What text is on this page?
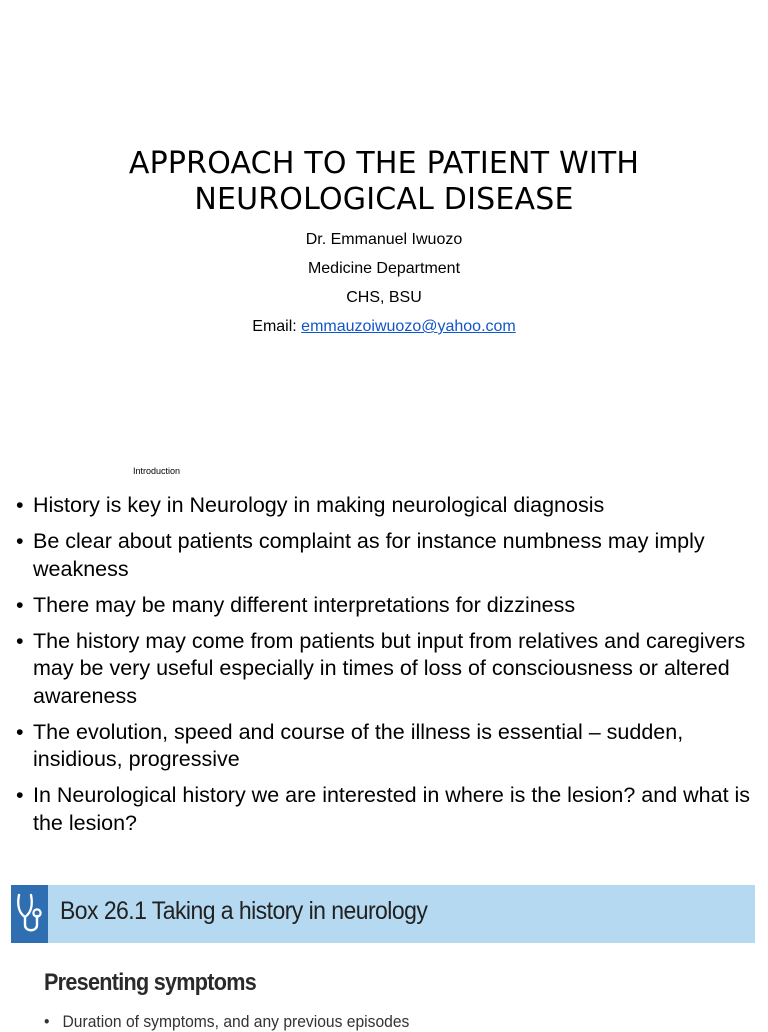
APPROACH TO THE PATIENT WITH
NEUROLOGICAL DISEASE
Dr. Emmanuel Iwuozo
Medicine Department
CHS, BSU
Email: emmauzoiwuozo@yahoo.com
Introduction
• History is key in Neurology in making neurological diagnosis
• Be clear about patients complaint as for instance numbness may imply weakness
• There may be many different interpretations for dizziness
• The history may come from patients but input from relatives and caregivers may be very useful especially in times of loss of consciousness or altered awareness
• The evolution, speed and course of the illness is essential – sudden, insidious, progressive
• In Neurological history we are interested in where is the lesion? and what is the lesion?
Box 26.1 Taking a history in neurology
Presenting symptoms
•   Duration of symptoms, and any previous episodes
